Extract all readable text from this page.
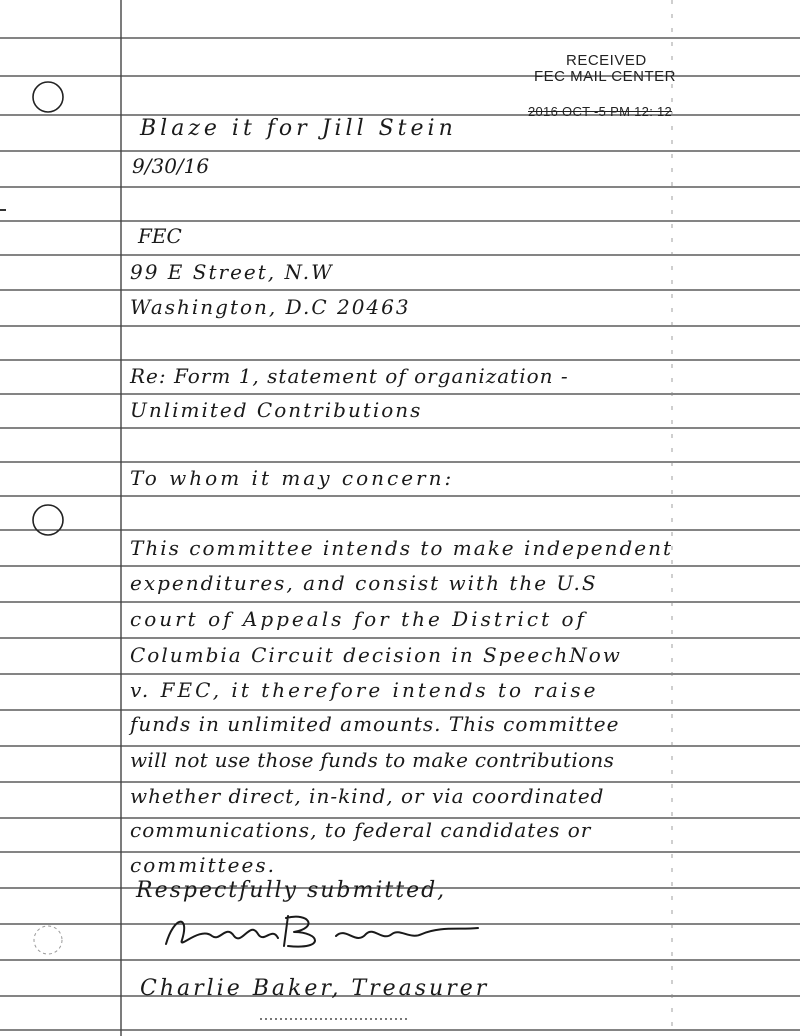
RECEIVED
FEC MAIL CENTER
2016 OCT -5 PM 12: 12
Blaze it for Jill Stein
9/30/16
FEC
99 E Street, N.W
Washington, D.C 20463
Re: Form 1, statement of organization -
Unlimited Contributions
To whom it may concern:
This committee intends to make independent
expenditures, and consist with the U.S
court of Appeals for the District of
Columbia Circuit decision in SpeechNow
v. FEC, it therefore intends to raise
funds in unlimited amounts. This committee
will not use those funds to make contributions
whether direct, in-kind, or via coordinated
communications, to federal candidates or
committees.
Respectfully submitted,
Charlie Baker, Treasurer
